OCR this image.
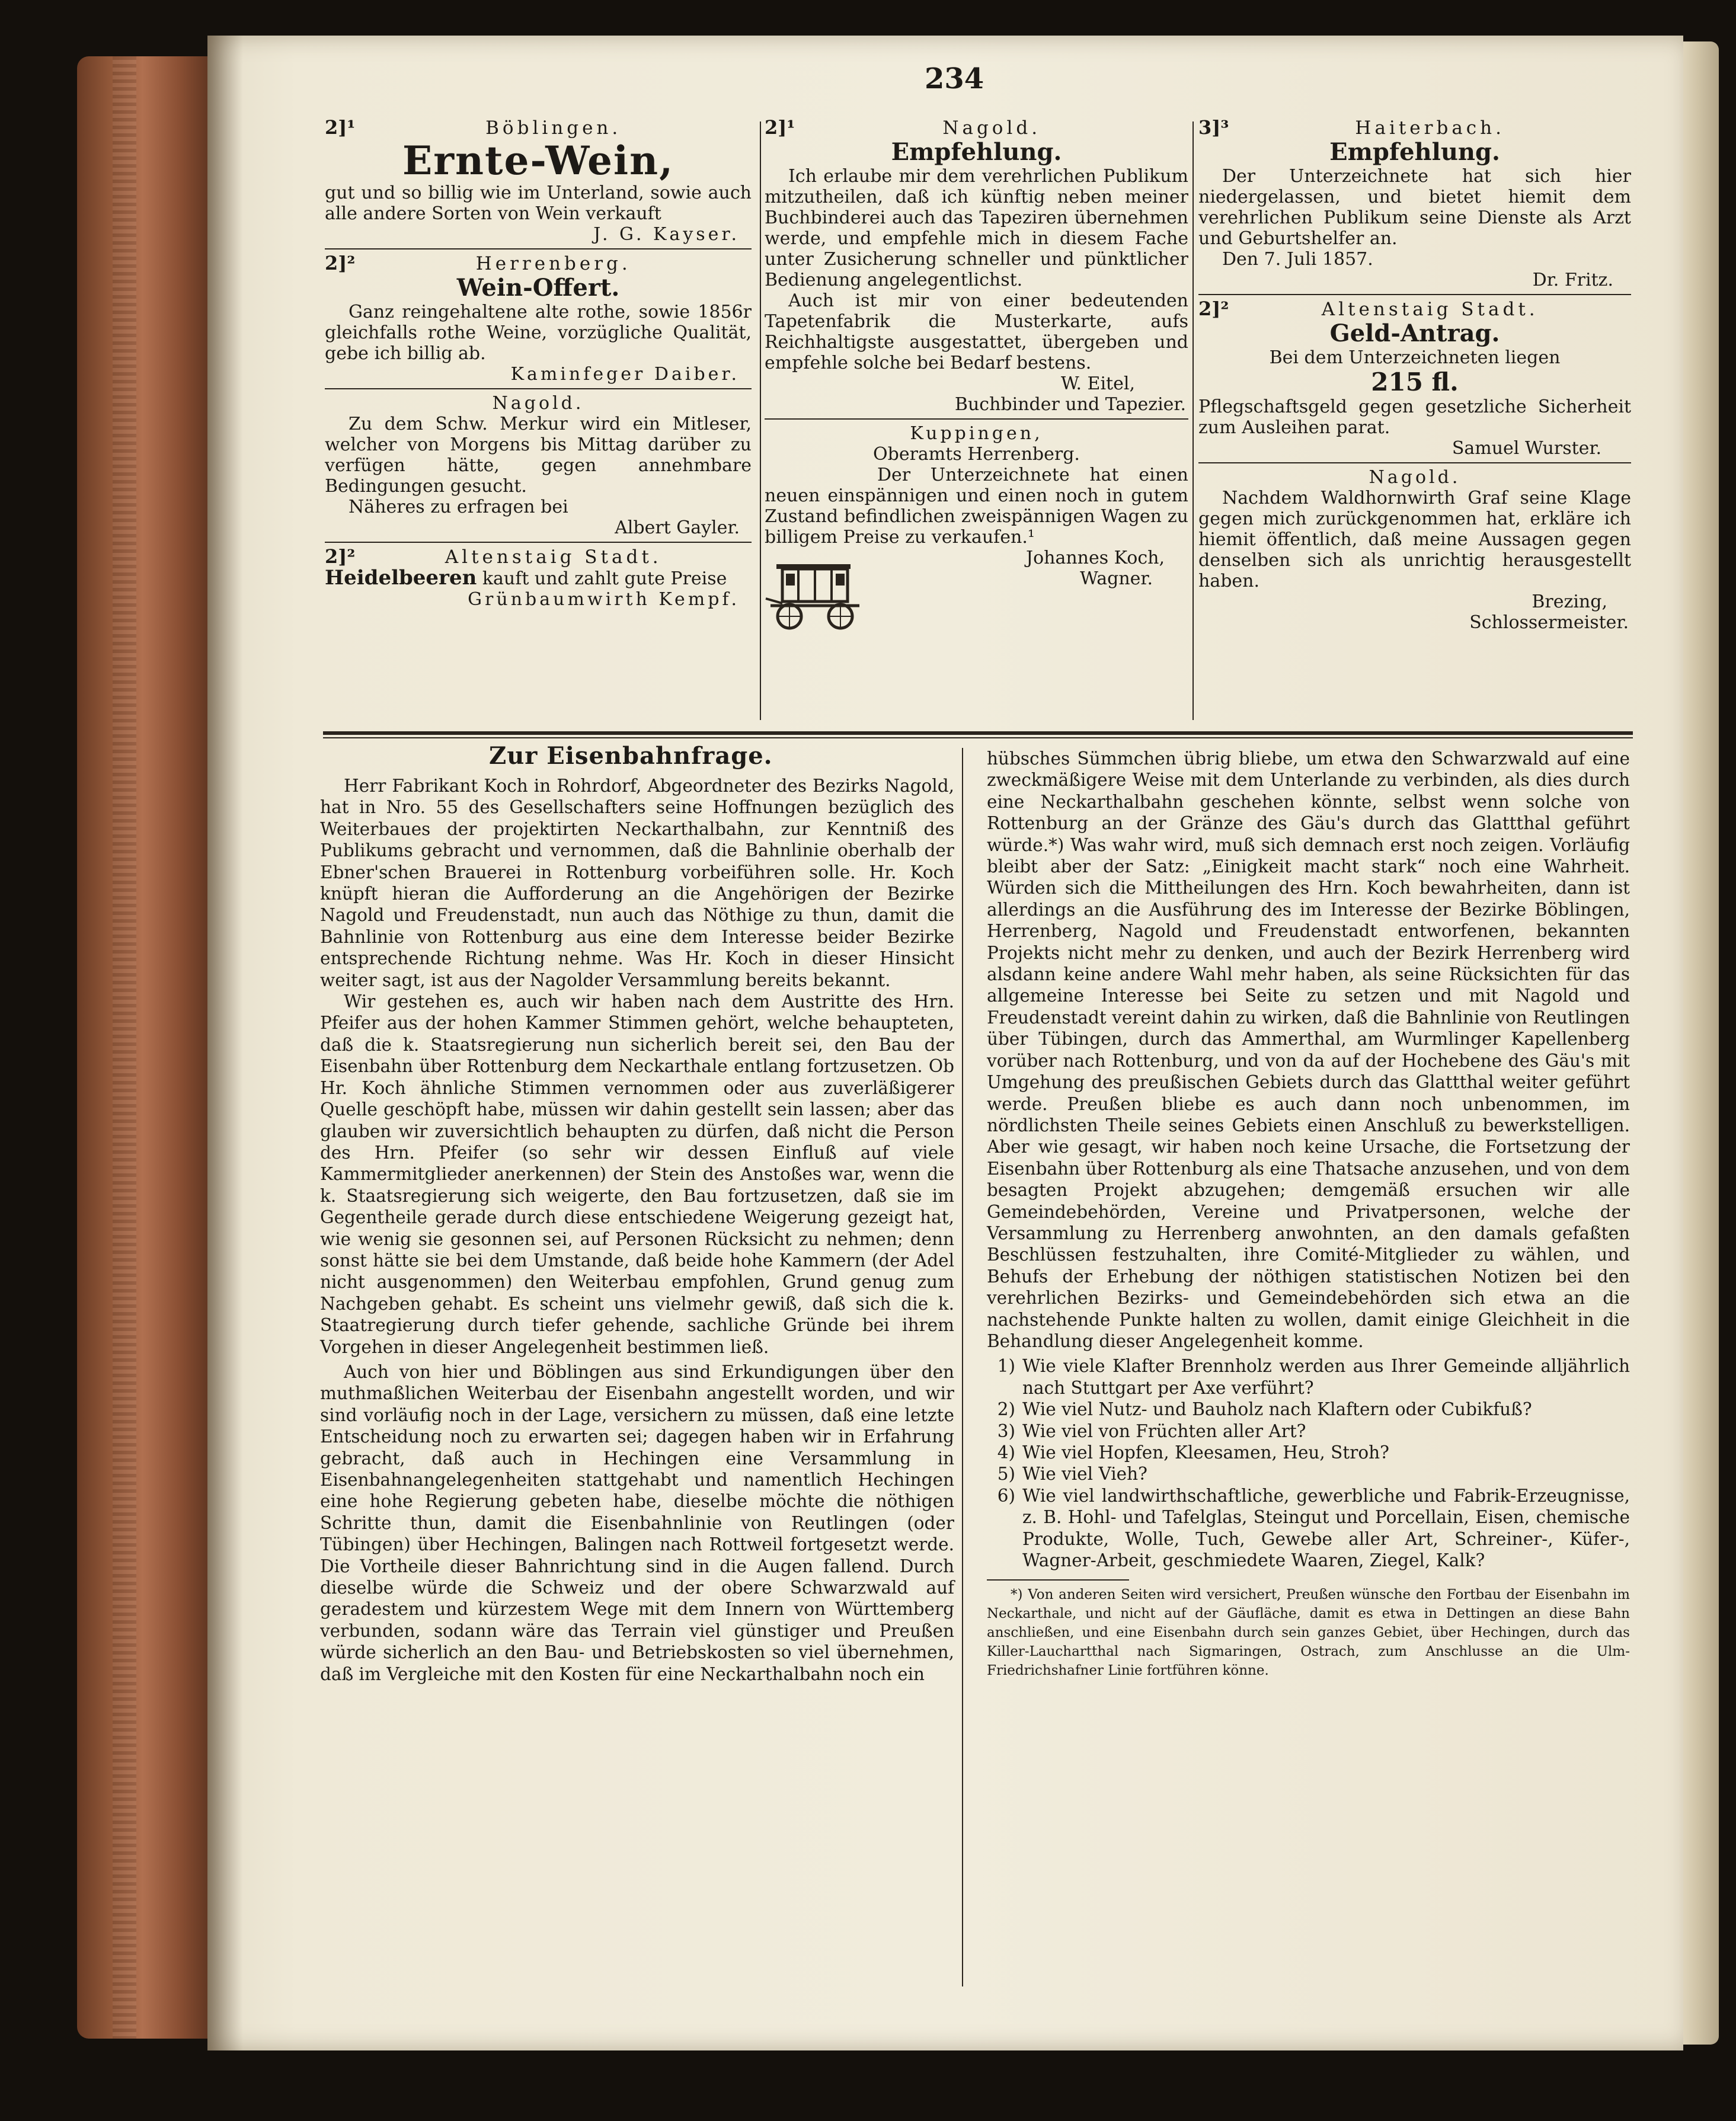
234
2]¹	Böblingen.
Ernte-Wein,
gut und so billig wie im Unterland, sowie auch alle andere Sorten von Wein verkauft
J. G. Kayser.
2]²	Herrenberg.
Wein-Offert.
Ganz reingehaltene alte rothe, sowie 1856r gleichfalls rothe Weine, vorzügliche Qualität, gebe ich billig ab.
Kaminfeger Daiber.
Nagold.
Zu dem Schw. Merkur wird ein Mitleser, welcher von Morgens bis Mittag darüber zu verfügen hätte, gegen annehmbare Bedingungen gesucht.
Näheres zu erfragen bei
Albert Gayler.
2]²	Altenstaig Stadt.
Heidelbeeren kauft und zahlt gute Preise
Grünbaumwirth Kempf.
2]¹	Nagold.
Empfehlung.
Ich erlaube mir dem verehrlichen Publikum mitzutheilen, daß ich künftig neben meiner Buchbinderei auch das Tapeziren übernehmen werde, und empfehle mich in diesem Fache unter Zusicherung schneller und pünktlicher Bedienung angelegentlichst.
Auch ist mir von einer bedeutenden Tapetenfabrik die Musterkarte, aufs Reichhaltigste ausgestattet, übergeben und empfehle solche bei Bedarf bestens.
W. Eitel,
Buchbinder und Tapezier.
Kuppingen,
Oberamts Herrenberg.
Der Unterzeichnete hat einen neuen einspännigen und einen noch in gutem Zustand befindlichen zweispännigen Wagen zu billigem Preise zu verkaufen.¹
Johannes Koch,
Wagner.
3]³	Haiterbach.
Empfehlung.
Der Unterzeichnete hat sich hier niedergelassen, und bietet hiemit dem verehrlichen Publikum seine Dienste als Arzt und Geburtshelfer an.
Den 7. Juli 1857.
Dr. Fritz.
2]²	Altenstaig Stadt.
Geld-Antrag.
Bei dem Unterzeichneten liegen
215 fl.
Pflegschaftsgeld gegen gesetzliche Sicherheit zum Ausleihen parat.
Samuel Wurster.
Nagold.
Nachdem Waldhornwirth Graf seine Klage gegen mich zurückgenommen hat, erkläre ich hiemit öffentlich, daß meine Aussagen gegen denselben sich als unrichtig herausgestellt haben.
Brezing,
Schlossermeister.
Zur Eisenbahnfrage.

Herr Fabrikant Koch in Rohrdorf, Abgeordneter des Bezirks Nagold, hat in Nro. 55 des Gesellschafters seine Hoffnungen bezüglich des Weiterbaues der projektirten Neckarthalbahn, zur Kenntniß des Publikums gebracht und vernommen, daß die Bahnlinie oberhalb der Ebner'schen Brauerei in Rottenburg vorbeiführen solle. Hr. Koch knüpft hieran die Aufforderung an die Angehörigen der Bezirke Nagold und Freudenstadt, nun auch das Nöthige zu thun, damit die Bahnlinie von Rottenburg aus eine dem Interesse beider Bezirke entsprechende Richtung nehme. Was Hr. Koch in dieser Hinsicht weiter sagt, ist aus der Nagolder Versammlung bereits bekannt.

Wir gestehen es, auch wir haben nach dem Austritte des Hrn. Pfeifer aus der hohen Kammer Stimmen gehört, welche behaupteten, daß die k. Staatsregierung nun sicherlich bereit sei, den Bau der Eisenbahn über Rottenburg dem Neckarthale entlang fortzusetzen. Ob Hr. Koch ähnliche Stimmen vernommen oder aus zuverläßigerer Quelle geschöpft habe, müssen wir dahin gestellt sein lassen; aber das glauben wir zuversichtlich behaupten zu dürfen, daß nicht die Person des Hrn. Pfeifer (so sehr wir dessen Einfluß auf viele Kammermitglieder anerkennen) der Stein des Anstoßes war, wenn die k. Staatsregierung sich weigerte, den Bau fortzusetzen, daß sie im Gegentheile gerade durch diese entschiedene Weigerung gezeigt hat, wie wenig sie gesonnen sei, auf Personen Rücksicht zu nehmen; denn sonst hätte sie bei dem Umstande, daß beide hohe Kammern (der Adel nicht ausgenommen) den Weiterbau empfohlen, Grund genug zum Nachgeben gehabt. Es scheint uns vielmehr gewiß, daß sich die k. Staatregierung durch tiefer gehende, sachliche Gründe bei ihrem Vorgehen in dieser Angelegenheit bestimmen ließ.

Auch von hier und Böblingen aus sind Erkundigungen über den muthmaßlichen Weiterbau der Eisenbahn angestellt worden, und wir sind vorläufig noch in der Lage, versichern zu müssen, daß eine letzte Entscheidung noch zu erwarten sei; dagegen haben wir in Erfahrung gebracht, daß auch in Hechingen eine Versammlung in Eisenbahnangelegenheiten stattgehabt und namentlich Hechingen eine hohe Regierung gebeten habe, dieselbe möchte die nöthigen Schritte thun, damit die Eisenbahnlinie von Reutlingen (oder Tübingen) über Hechingen, Balingen nach Rottweil fortgesetzt werde. Die Vortheile dieser Bahnrichtung sind in die Augen fallend. Durch dieselbe würde die Schweiz und der obere Schwarzwald auf geradestem und kürzestem Wege mit dem Innern von Württemberg verbunden, sodann wäre das Terrain viel günstiger und Preußen würde sicherlich an den Bau- und Betriebskosten so viel übernehmen, daß im Vergleiche mit den Kosten für eine Neckarthalbahn noch ein

hübsches Sümmchen übrig bliebe, um etwa den Schwarzwald auf eine zweckmäßigere Weise mit dem Unterlande zu verbinden, als dies durch eine Neckarthalbahn geschehen könnte, selbst wenn solche von Rottenburg an der Gränze des Gäu's durch das Glattthal geführt würde.*) Was wahr wird, muß sich demnach erst noch zeigen. Vorläufig bleibt aber der Satz: „Einigkeit macht stark“ noch eine Wahrheit. Würden sich die Mittheilungen des Hrn. Koch bewahrheiten, dann ist allerdings an die Ausführung des im Interesse der Bezirke Böblingen, Herrenberg, Nagold und Freudenstadt entworfenen, bekannten Projekts nicht mehr zu denken, und auch der Bezirk Herrenberg wird alsdann keine andere Wahl mehr haben, als seine Rücksichten für das allgemeine Interesse bei Seite zu setzen und mit Nagold und Freudenstadt vereint dahin zu wirken, daß die Bahnlinie von Reutlingen über Tübingen, durch das Ammerthal, am Wurmlinger Kapellenberg vorüber nach Rottenburg, und von da auf der Hochebene des Gäu's mit Umgehung des preußischen Gebiets durch das Glattthal weiter geführt werde. Preußen bliebe es auch dann noch unbenommen, im nördlichsten Theile seines Gebiets einen Anschluß zu bewerkstelligen. Aber wie gesagt, wir haben noch keine Ursache, die Fortsetzung der Eisenbahn über Rottenburg als eine Thatsache anzusehen, und von dem besagten Projekt abzugehen; demgemäß ersuchen wir alle Gemeindebehörden, Vereine und Privatpersonen, welche der Versammlung zu Herrenberg anwohnten, an den damals gefaßten Beschlüssen festzuhalten, ihre Comité-Mitglieder zu wählen, und Behufs der Erhebung der nöthigen statistischen Notizen bei den verehrlichen Bezirks- und Gemeindebehörden sich etwa an die nachstehende Punkte halten zu wollen, damit einige Gleichheit in die Behandlung dieser Angelegenheit komme.

1) Wie viele Klafter Brennholz werden aus Ihrer Gemeinde alljährlich nach Stuttgart per Axe verführt?
2) Wie viel Nutz- und Bauholz nach Klaftern oder Cubikfuß?
3) Wie viel von Früchten aller Art?
4) Wie viel Hopfen, Kleesamen, Heu, Stroh?
5) Wie viel Vieh?
6) Wie viel landwirthschaftliche, gewerbliche und Fabrik-Erzeugnisse, z. B. Hohl- und Tafelglas, Steingut und Porcellain, Eisen, chemische Produkte, Wolle, Tuch, Gewebe aller Art, Schreiner-, Küfer-, Wagner-Arbeit, geschmiedete Waaren, Ziegel, Kalk?

*) Von anderen Seiten wird versichert, Preußen wünsche den Fortbau der Eisenbahn im Neckarthale, und nicht auf der Gäufläche, damit es etwa in Dettingen an diese Bahn anschließen, und eine Eisenbahn durch sein ganzes Gebiet, über Hechingen, durch das Killer-Lauchartthal nach Sigmaringen, Ostrach, zum Anschlusse an die Ulm-Friedrichshafner Linie fortführen könne.
